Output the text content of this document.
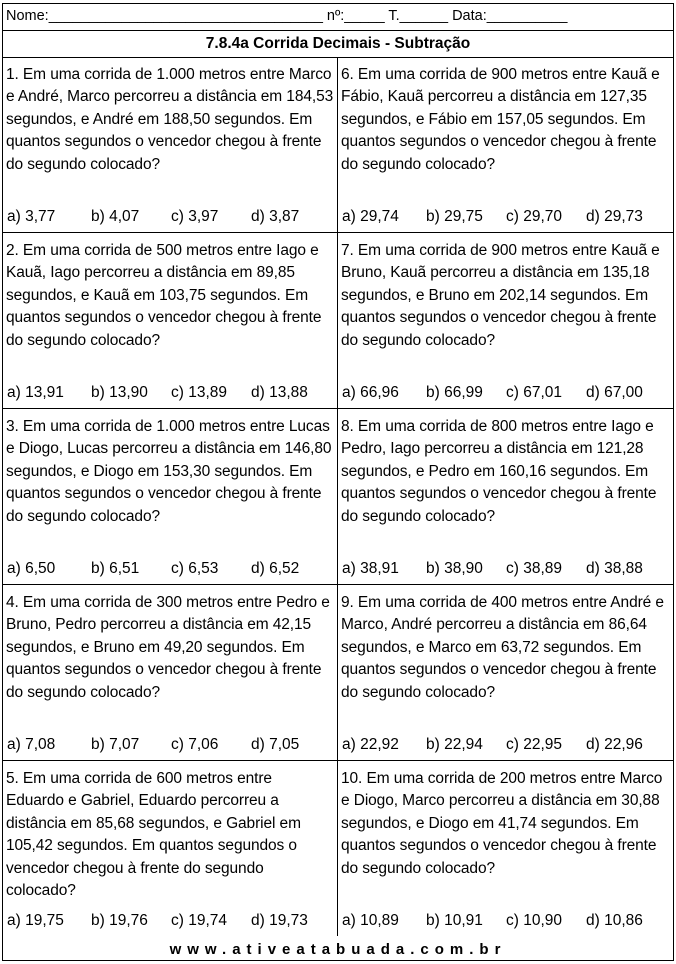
Nome:__________________________________ nº:_____ T.______ Data:__________
7.8.4a Corrida Decimais - Subtração
1. Em uma corrida de 1.000 metros entre Marco e André, Marco percorreu a distância em 184,53 segundos, e André em 188,50 segundos. Em quantos segundos o vencedor chegou à frente do segundo colocado?
a) 3,77	b) 4,07	c) 3,97	d) 3,87
6. Em uma corrida de 900 metros entre Kauã e Fábio, Kauã percorreu a distância em 127,35 segundos, e Fábio em 157,05 segundos. Em quantos segundos o vencedor chegou à frente do segundo colocado?
a) 29,74	b) 29,75	c) 29,70	d) 29,73
2. Em uma corrida de 500 metros entre Iago e Kauã, Iago percorreu a distância em 89,85 segundos, e Kauã em 103,75 segundos. Em quantos segundos o vencedor chegou à frente do segundo colocado?
a) 13,91	b) 13,90	c) 13,89	d) 13,88
7. Em uma corrida de 900 metros entre Kauã e Bruno, Kauã percorreu a distância em 135,18 segundos, e Bruno em 202,14 segundos. Em quantos segundos o vencedor chegou à frente do segundo colocado?
a) 66,96	b) 66,99	c) 67,01	d) 67,00
3. Em uma corrida de 1.000 metros entre Lucas e Diogo, Lucas percorreu a distância em 146,80 segundos, e Diogo em 153,30 segundos. Em quantos segundos o vencedor chegou à frente do segundo colocado?
a) 6,50	b) 6,51	c) 6,53	d) 6,52
8. Em uma corrida de 800 metros entre Iago e Pedro, Iago percorreu a distância em 121,28 segundos, e Pedro em 160,16 segundos. Em quantos segundos o vencedor chegou à frente do segundo colocado?
a) 38,91	b) 38,90	c) 38,89	d) 38,88
4. Em uma corrida de 300 metros entre Pedro e Bruno, Pedro percorreu a distância em 42,15 segundos, e Bruno em 49,20 segundos. Em quantos segundos o vencedor chegou à frente do segundo colocado?
a) 7,08	b) 7,07	c) 7,06	d) 7,05
9. Em uma corrida de 400 metros entre André e Marco, André percorreu a distância em 86,64 segundos, e Marco em 63,72 segundos. Em quantos segundos o vencedor chegou à frente do segundo colocado?
a) 22,92	b) 22,94	c) 22,95	d) 22,96
5. Em uma corrida de 600 metros entre Eduardo e Gabriel, Eduardo percorreu a distância em 85,68 segundos, e Gabriel em 105,42 segundos. Em quantos segundos o vencedor chegou à frente do segundo colocado?
a) 19,75	b) 19,76	c) 19,74	d) 19,73
10. Em uma corrida de 200 metros entre Marco e Diogo, Marco percorreu a distância em 30,88 segundos, e Diogo em 41,74 segundos. Em quantos segundos o vencedor chegou à frente do segundo colocado?
a) 10,89	b) 10,91	c) 10,90	d) 10,86
www.ativeatabuada.com.br
